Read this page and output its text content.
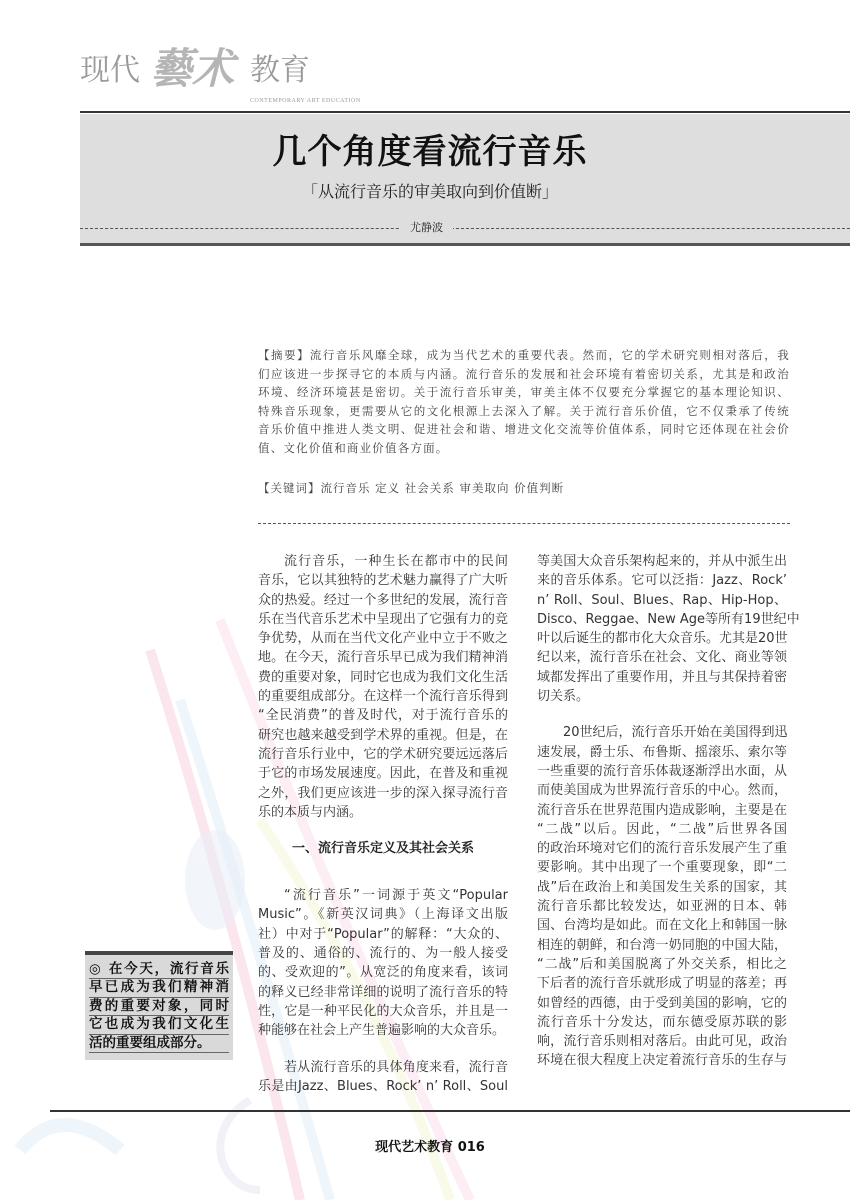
现代 藝术 教育
CONTEMPORARY ART EDUCATION
几个角度看流行音乐
「从流行音乐的审美取向到价值断」
尤静波
【摘要】流行音乐风靡全球，成为当代艺术的重要代表。然而，它的学术研究则相对落后，我
们应该进一步探寻它的本质与内涵。流行音乐的发展和社会环境有着密切关系，尤其是和政治
环境、经济环境甚是密切。关于流行音乐审美，审美主体不仅要充分掌握它的基本理论知识、
特殊音乐现象，更需要从它的文化根源上去深入了解。关于流行音乐价值，它不仅秉承了传统
音乐价值中推进人类文明、促进社会和谐、增进文化交流等价值体系，同时它还体现在社会价
值、文化价值和商业价值各方面。
【关键词】流行音乐 定义 社会关系 审美取向 价值判断
流行音乐，一种生长在都市中的民间
音乐，它以其独特的艺术魅力赢得了广大听
众的热爱。经过一个多世纪的发展，流行音
乐在当代音乐艺术中呈现出了它强有力的竞
争优势，从而在当代文化产业中立于不败之
地。在今天，流行音乐早已成为我们精神消
费的重要对象，同时它也成为我们文化生活
的重要组成部分。在这样一个流行音乐得到
“全民消费”的普及时代，对于流行音乐的
研究也越来越受到学术界的重视。但是，在
流行音乐行业中，它的学术研究要远远落后
于它的市场发展速度。因此，在普及和重视
之外，我们更应该进一步的深入探寻流行音
乐的本质与内涵。
一、流行音乐定义及其社会关系
“流行音乐”一词源于英文“Popular
Music”。《新英汉词典》（上海译文出版
社）中对于“Popular”的解释：“大众的、
普及的、通俗的、流行的、为一般人接受
的、受欢迎的”。从宽泛的角度来看，该词
的释义已经非常详细的说明了流行音乐的特
性，它是一种平民化的大众音乐，并且是一
种能够在社会上产生普遍影响的大众音乐。
若从流行音乐的具体角度来看，流行音
乐是由Jazz、Blues、Rock’ n’ Roll、Soul
等美国大众音乐架构起来的，并从中派生出
来的音乐体系。它可以泛指：Jazz、Rock’
n’ Roll、Soul、Blues、Rap、Hip-Hop、
Disco、Reggae、New Age等所有19世纪中
叶以后诞生的都市化大众音乐。尤其是20世
纪以来，流行音乐在社会、文化、商业等领
域都发挥出了重要作用，并且与其保持着密
切关系。
20世纪后，流行音乐开始在美国得到迅
速发展，爵士乐、布鲁斯、摇滚乐、索尔等
一些重要的流行音乐体裁逐渐浮出水面，从
而使美国成为世界流行音乐的中心。然而，
流行音乐在世界范围内造成影响，主要是在
“二战”以后。因此，“二战”后世界各国
的政治环境对它们的流行音乐发展产生了重
要影响。其中出现了一个重要现象，即“二
战”后在政治上和美国发生关系的国家，其
流行音乐都比较发达，如亚洲的日本、韩
国、台湾均是如此。而在文化上和韩国一脉
相连的朝鲜，和台湾一奶同胞的中国大陆，
“二战”后和美国脱离了外交关系，相比之
下后者的流行音乐就形成了明显的落差；再
如曾经的西德，由于受到美国的影响，它的
流行音乐十分发达，而东德受原苏联的影
响，流行音乐则相对落后。由此可见，政治
环境在很大程度上决定着流行音乐的生存与
◎ 在今天，流行音乐
早已成为我们精神消
费的重要对象，同时
它也成为我们文化生
活的重要组成部分。
现代艺术教育 016
